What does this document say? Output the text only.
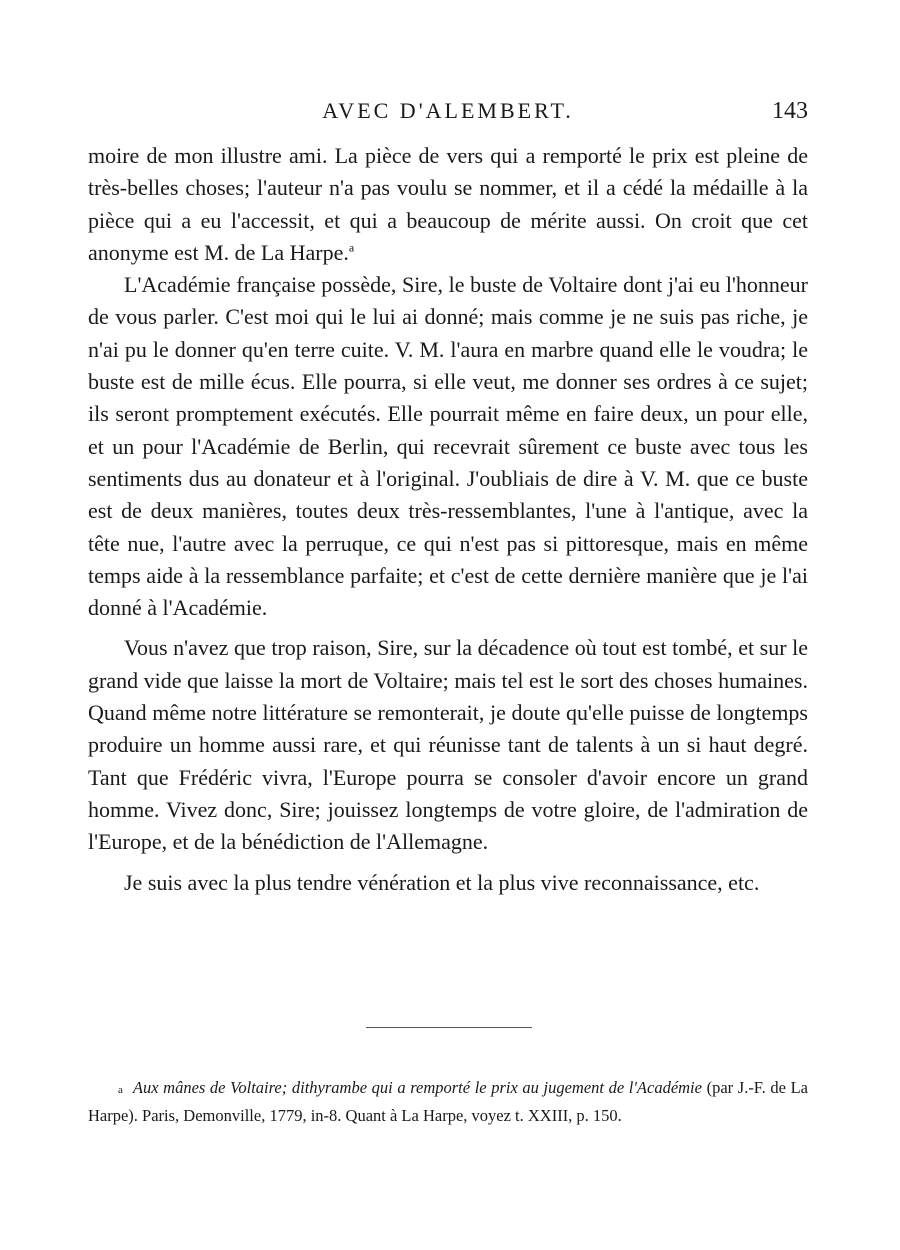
AVEC D'ALEMBERT.	143

moire de mon illustre ami. La pièce de vers qui a remporté le prix est pleine de très-belles choses; l'auteur n'a pas voulu se nommer, et il a cédé la médaille à la pièce qui a eu l'accessit, et qui a beaucoup de mérite aussi. On croit que cet anonyme est M. de La Harpe.$^a$

L'Académie française possède, Sire, le buste de Voltaire dont j'ai eu l'honneur de vous parler. C'est moi qui le lui ai donné; mais comme je ne suis pas riche, je n'ai pu le donner qu'en terre cuite. V. M. l'aura en marbre quand elle le voudra; le buste est de mille écus. Elle pourra, si elle veut, me donner ses ordres à ce sujet; ils seront promptement exécutés. Elle pourrait même en faire deux, un pour elle, et un pour l'Académie de Berlin, qui recevrait sûrement ce buste avec tous les sentiments dus au donateur et à l'original. J'oubliais de dire à V. M. que ce buste est de deux manières, toutes deux très-ressemblantes, l'une à l'antique, avec la tête nue, l'autre avec la perruque, ce qui n'est pas si pittoresque, mais en même temps aide à la ressemblance parfaite; et c'est de cette dernière manière que je l'ai donné à l'Académie.

Vous n'avez que trop raison, Sire, sur la décadence où tout est tombé, et sur le grand vide que laisse la mort de Voltaire; mais tel est le sort des choses humaines. Quand même notre littérature se remonterait, je doute qu'elle puisse de longtemps produire un homme aussi rare, et qui réunisse tant de talents à un si haut degré. Tant que Frédéric vivra, l'Europe pourra se consoler d'avoir encore un grand homme. Vivez donc, Sire; jouissez longtemps de votre gloire, de l'admiration de l'Europe, et de la bénédiction de l'Allemagne.

Je suis avec la plus tendre vénération et la plus vive reconnaissance, etc.

a Aux mânes de Voltaire; dithyrambe qui a remporté le prix au jugement de l'Académie (par J.-F. de La Harpe). Paris, Demonville, 1779, in-8. Quant à La Harpe, voyez t. XXIII, p. 150.
